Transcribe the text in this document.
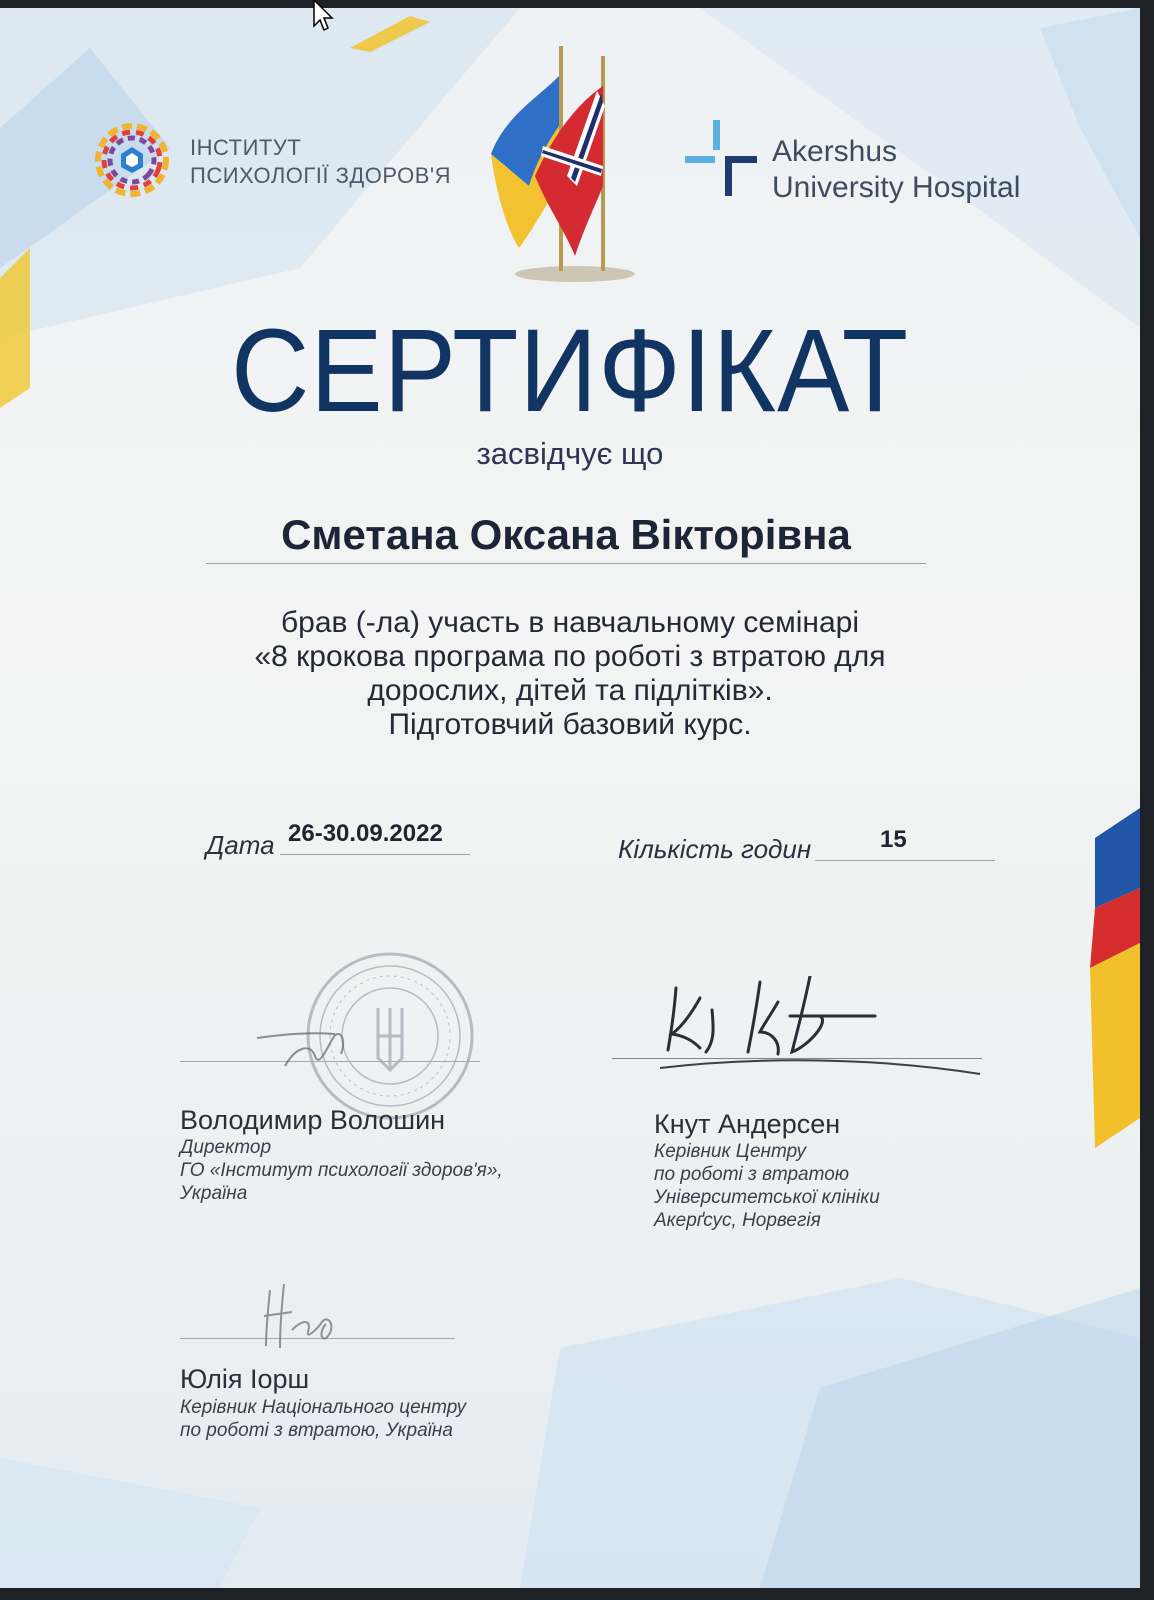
ІНСТИТУТ
ПСИХОЛОГІЇ ЗДОРОВ'Я
Akershus
University Hospital
СЕРТИФІКАТ
засвідчує що
Сметана Оксана Вікторівна
брав (-ла) участь в навчальному семінарі
«8 крокова програма по роботі з втратою для
дорослих, дітей та підлітків».
Підготовчий базовий курс.
Дата 26-30.09.2022
Кількість годин	15
Володимир Волошин
Директор
ГО «Інститут психології здоров'я»,
Україна
Кнут Андерсен
Керівник Центру
по роботі з втратою
Університетської клініки
Акерґсус, Норвегія
Юлія Іорш
Керівник Національного центру
по роботі з втратою, Україна
